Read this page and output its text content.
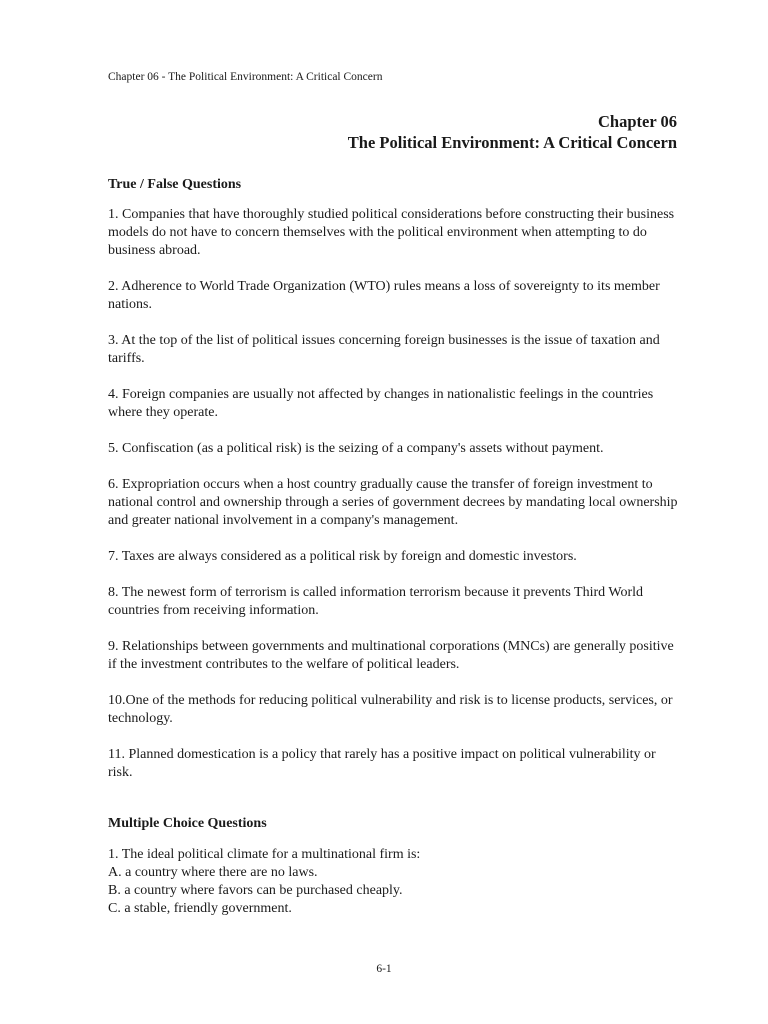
Chapter 06 - The Political Environment: A Critical Concern
Chapter 06
The Political Environment: A Critical Concern
True / False Questions

1. Companies that have thoroughly studied political considerations before constructing their business models do not have to concern themselves with the political environment when attempting to do business abroad.

2. Adherence to World Trade Organization (WTO) rules means a loss of sovereignty to its member nations.

3. At the top of the list of political issues concerning foreign businesses is the issue of taxation and tariffs.

4. Foreign companies are usually not affected by changes in nationalistic feelings in the countries where they operate.

5. Confiscation (as a political risk) is the seizing of a company's assets without payment.

6. Expropriation occurs when a host country gradually cause the transfer of foreign investment to national control and ownership through a series of government decrees by mandating local ownership and greater national involvement in a company's management.

7. Taxes are always considered as a political risk by foreign and domestic investors.

8. The newest form of terrorism is called information terrorism because it prevents Third World countries from receiving information.

9. Relationships between governments and multinational corporations (MNCs) are generally positive if the investment contributes to the welfare of political leaders.

10.One of the methods for reducing political vulnerability and risk is to license products, services, or technology.

11. Planned domestication is a policy that rarely has a positive impact on political vulnerability or risk.

Multiple Choice Questions
1. The ideal political climate for a multinational firm is:
A. a country where there are no laws.
B. a country where favors can be purchased cheaply.
C. a stable, friendly government.
6-1
